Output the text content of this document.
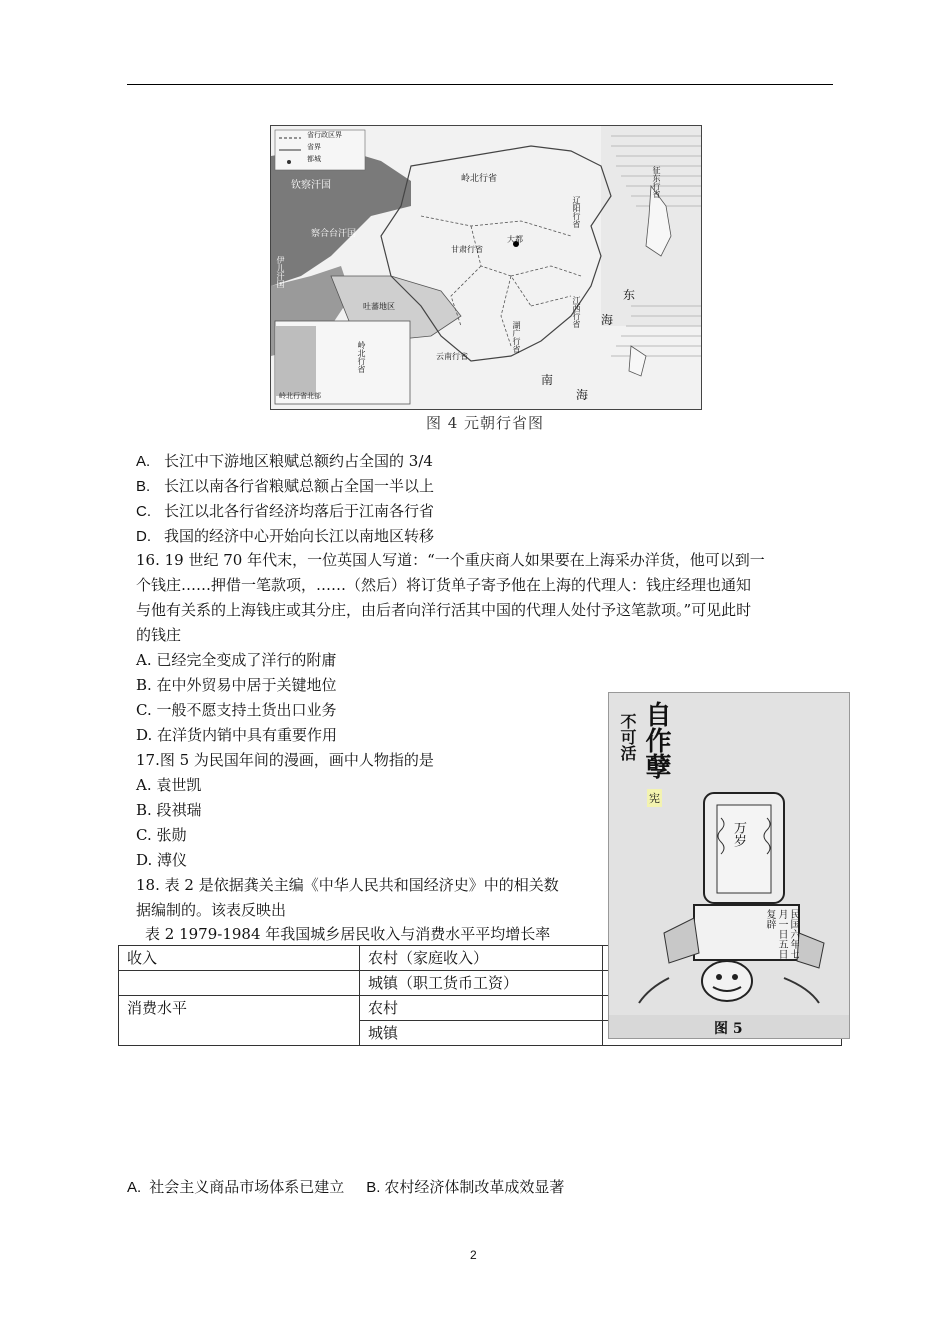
省行政区界
省界
都城
钦察汗国
察合台汗国
伊儿汗国
岭北行省
辽阳行省
甘肃行省
大都
吐蕃地区
云南行省
湖广行省
江西行省
征东行省
东
海
南
海
岭北行省
岭北行省北部
图 4 元朝行省图
A. 长江中下游地区粮赋总额约占全国的 3/4
B. 长江以南各行省粮赋总额占全国一半以上
C. 长江以北各行省经济均落后于江南各行省
D. 我国的经济中心开始向长江以南地区转移
16. 19 世纪 70 年代末，一位英国人写道：“一个重庆商人如果要在上海采办洋货，他可以到一
个钱庄……押借一笔款项，……（然后）将订货单子寄予他在上海的代理人：钱庄经理也通知
与他有关系的上海钱庄或其分庄，由后者向洋行活其中国的代理人处付予这笔款项。”可见此时
的钱庄
A. 已经完全变成了洋行的附庸
B. 在中外贸易中居于关键地位
C. 一般不愿支持土货出口业务
D. 在洋货内销中具有重要作用
17.图 5 为民国年间的漫画，画中人物指的是
A. 袁世凯
B. 段祺瑞
C. 张勋
D. 溥仪
18. 表 2 是依据龚关主编《中华人民共和国经济史》中的相关数
据编制的。该表反映出
表 2 1979-1984 年我国城乡居民收入与消费水平平均增长率
收入	农村（家庭收入）	
	城镇（职工货币工资）	
消费水平	农村	
	城镇	
自作孽
不可活
宪
万岁
民国六年七月一日五日复辟
图 5
A. 社会主义商品市场体系已建立 B. 农村经济体制改革成效显著
2
